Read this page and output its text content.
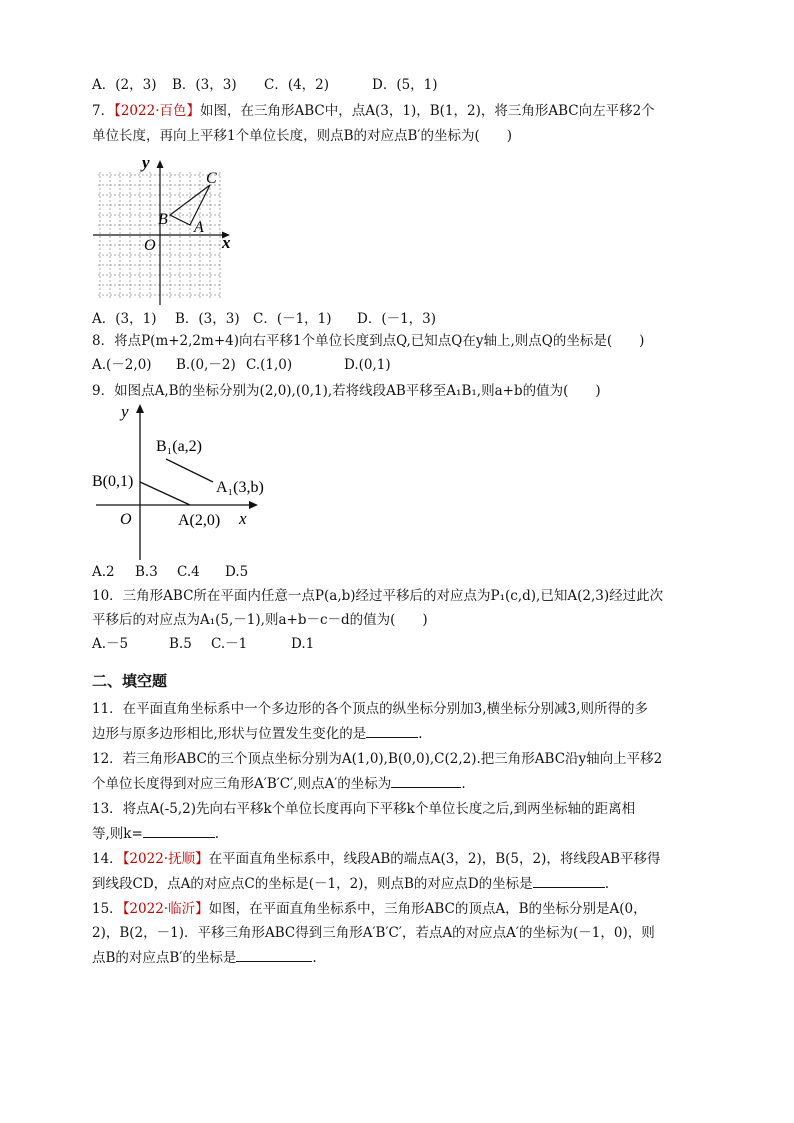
A．(2，3) B．(3，3) C．(4，2)	D．(5，1)
7．【2022·百色】如图，在三角形ABC中，点A(3，1)，B(1，2)，将三角形ABC向左平移2个
单位长度，再向上平移1个单位长度，则点B的对应点B′的坐标为(　　)
y
x
O
C
B A
A．(3，1) B．(3，3) C．(－1，1) D．(－1，3)
8．将点P(m+2,2m+4)向右平移1个单位长度到点Q,已知点Q在y轴上,则点Q的坐标是(　　)
A.(－2,0) B.(0,－2) C.(1,0)	D.(0,1)
9．如图点A,B的坐标分别为(2,0),(0,1),若将线段AB平移至A₁B₁,则a+b的值为(　　)
y
x
O
B(0,1)
A(2,0)
B₁(a,2)
A₁(3,b)
A.2 B.3 C.4 D.5
10．三角形ABC所在平面内任意一点P(a,b)经过平移后的对应点为P₁(c,d),已知A(2,3)经过此次
平移后的对应点为A₁(5,－1),则a+b－c－d的值为(　　)
A.－5	B.5 C.－1	D.1
二、填空题
11．在平面直角坐标系中一个多边形的各个顶点的纵坐标分别加3,横坐标分别减3,则所得的多
边形与原多边形相比,形状与位置发生变化的是	.
12．若三角形ABC的三个顶点坐标分别为A(1,0),B(0,0),C(2,2).把三角形ABC沿y轴向上平移2
个单位长度得到对应三角形A′B′C′,则点A′的坐标为	.
13．将点A(-5,2)先向右平移k个单位长度再向下平移k个单位长度之后,到两坐标轴的距离相
等,则k=	.
14．【2022·抚顺】在平面直角坐标系中，线段AB的端点A(3，2)，B(5，2)，将线段AB平移得
到线段CD，点A的对应点C的坐标是(－1，2)，则点B的对应点D的坐标是	.
15．【2022·临沂】如图，在平面直角坐标系中，三角形ABC的顶点A，B的坐标分别是A(0，
2)，B(2，－1)．平移三角形ABC得到三角形A′B′C′，若点A的对应点A′的坐标为(－1，0)，则
点B的对应点B′的坐标是	.
